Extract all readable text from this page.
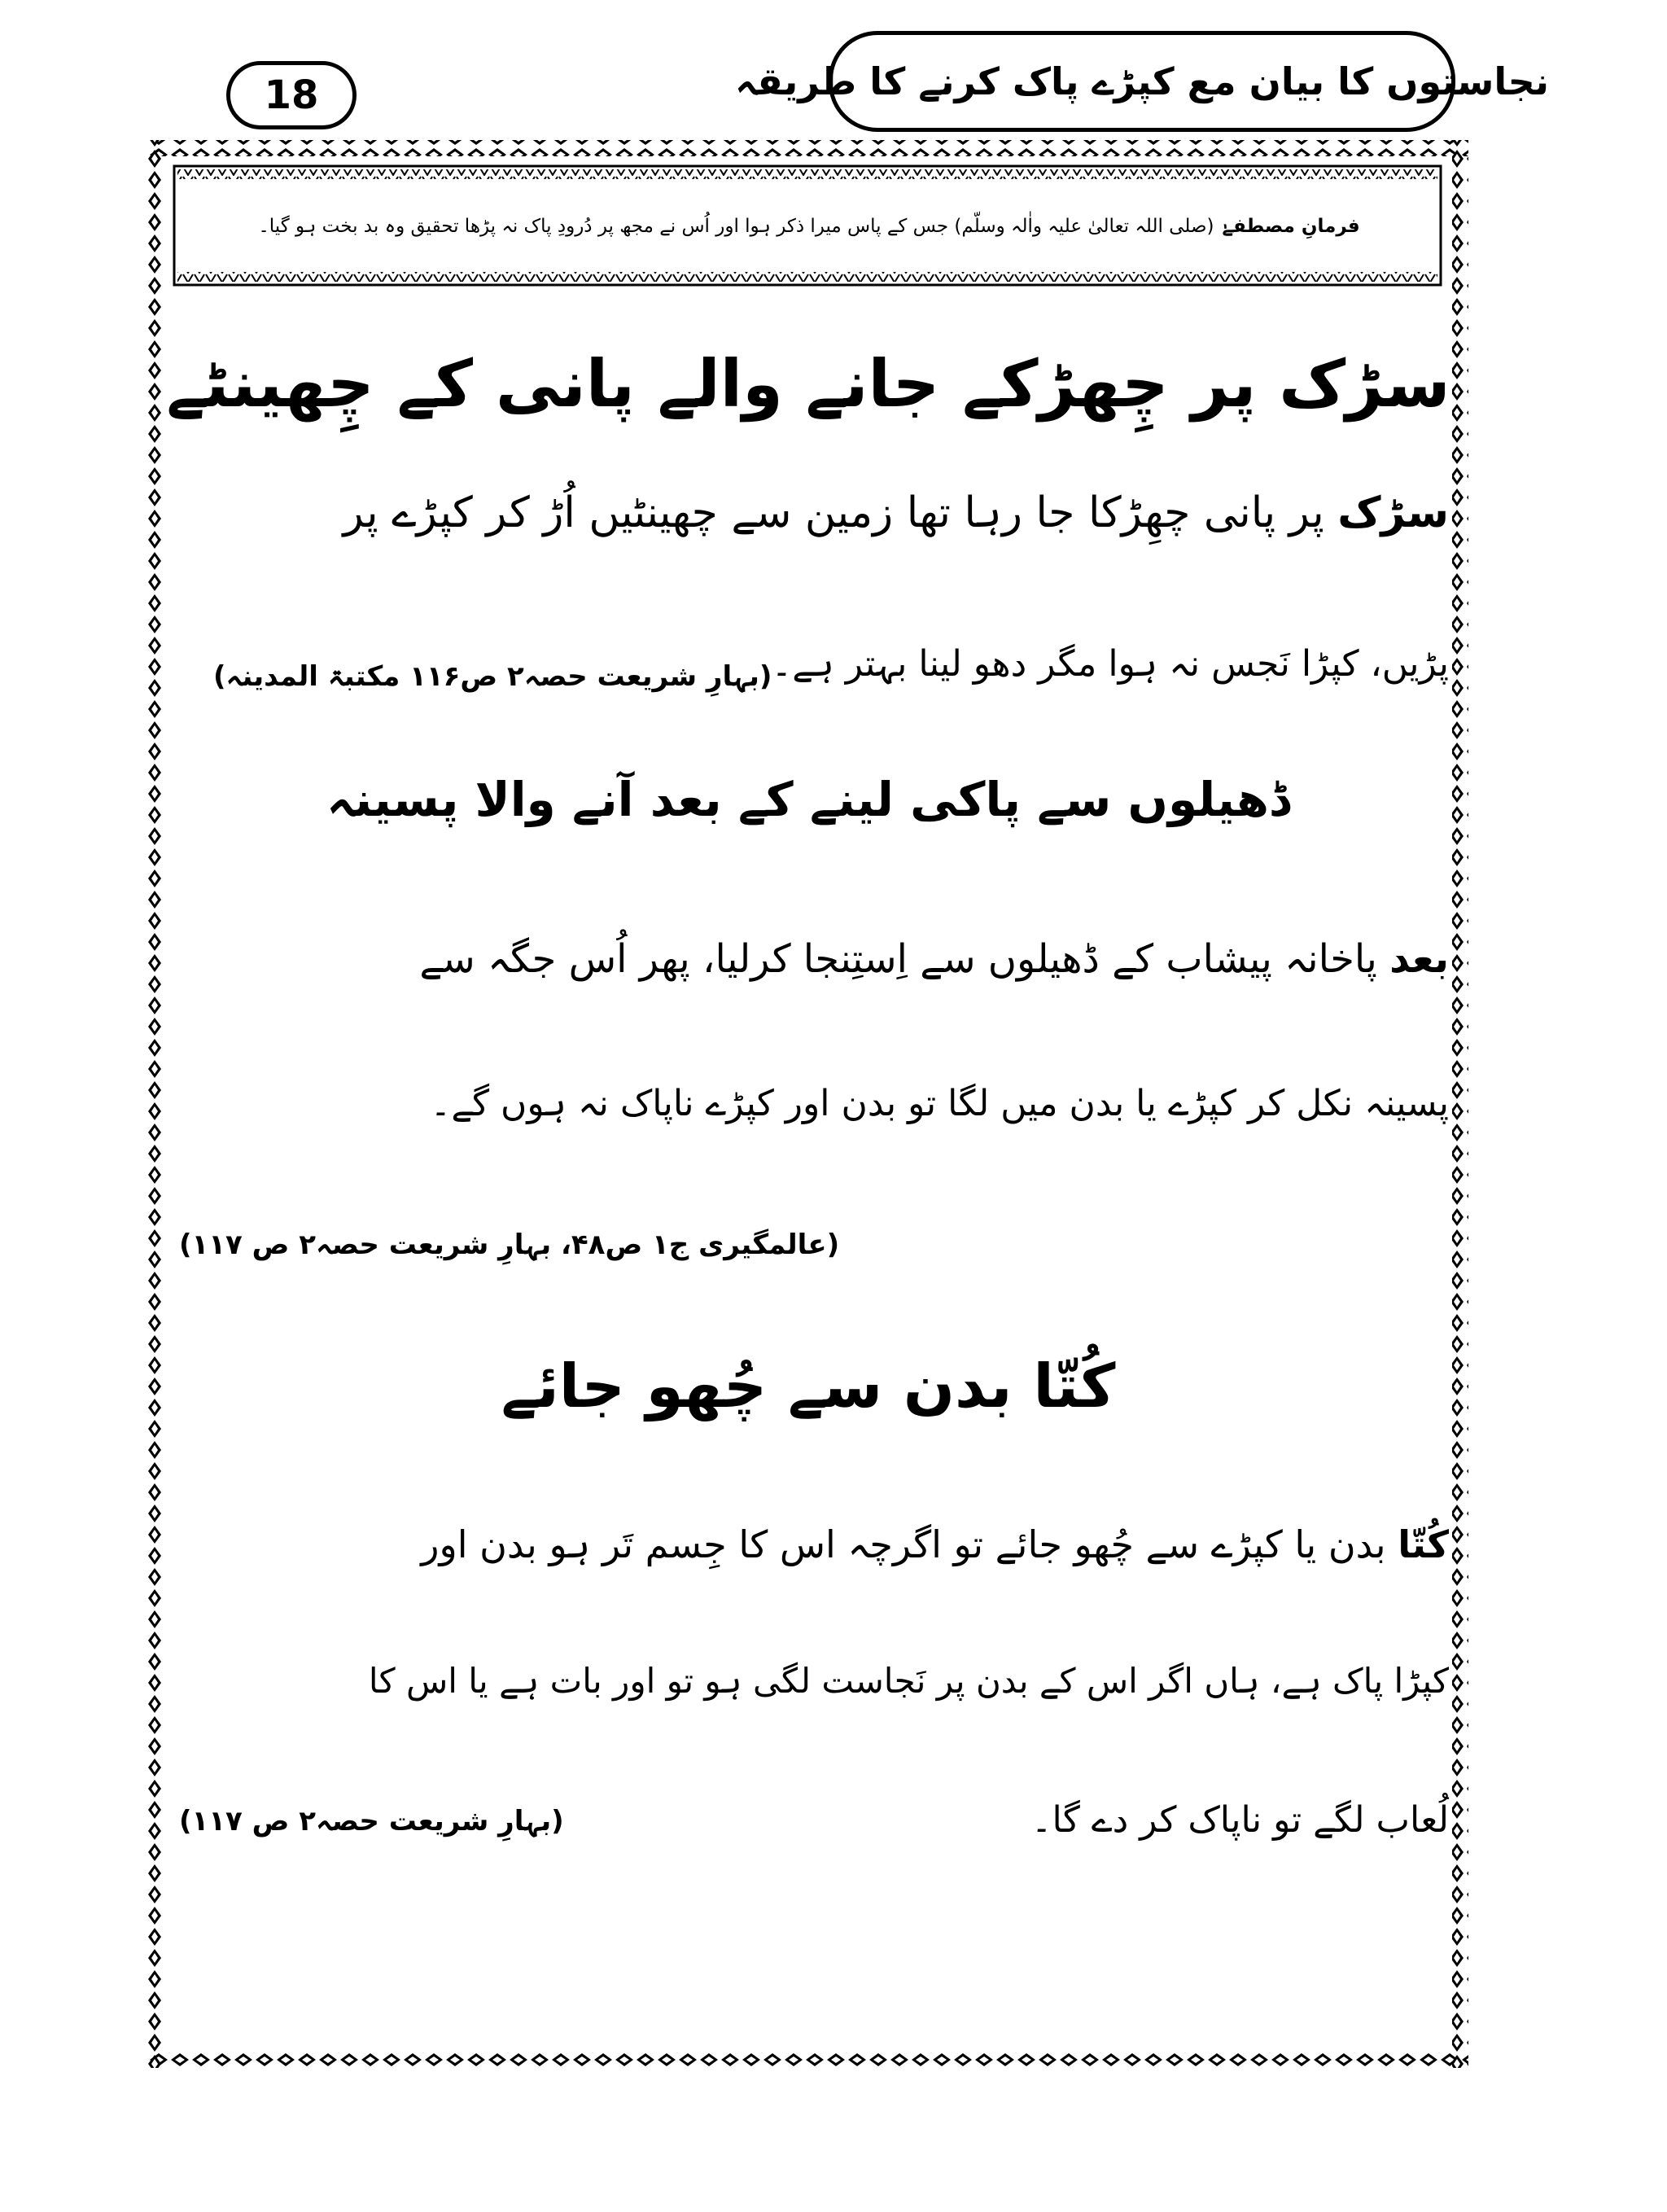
18	نجاستوں کا بیان مع کپڑے پاک کرنے کا طریقہ
فرمانِ مصطفےٰ
(صلی اللہ تعالیٰ علیہ واٰلہ وسلّم) جس کے پاس میرا ذکر ہوا اور اُس نے مجھ پر دُرودِ پاک نہ پڑھا تحقیق وہ بد بخت ہو گیا۔
سڑک پر چِھڑکے جانے والے پانی کے چِھینٹے
سڑک پر پانی چھِڑکا جا رہا تھا زمین سے چھینٹیں اُڑ کر کپڑے پر
پڑیں، کپڑا نَجس نہ ہوا مگر دھو لینا بہتر ہے۔
(بہارِ شریعت حصہ۲ ص۱۱۶ مکتبۃ المدینہ)
ڈھیلوں سے پاکی لینے کے بعد آنے والا پسینہ
بعد پاخانہ پیشاب کے ڈھیلوں سے اِستِنجا کرلیا، پھر اُس جگہ سے
پسینہ نکل کر کپڑے یا بدن میں لگا تو بدن اور کپڑے ناپاک نہ ہوں گے۔
(عالمگیری ج۱ ص۴۸، بہارِ شریعت حصہ۲ ص ۱۱۷)
کُتّا بدن سے چُھو جائے
کُتّا بدن یا کپڑے سے چُھو جائے تو اگرچہ اس کا جِسم تَر ہو بدن اور
کپڑا پاک ہے، ہاں اگر اس کے بدن پر نَجاست لگی ہو تو اور بات ہے یا اس کا
لُعاب لگے تو ناپاک کر دے گا۔
(بہارِ شریعت حصہ۲ ص ۱۱۷)
